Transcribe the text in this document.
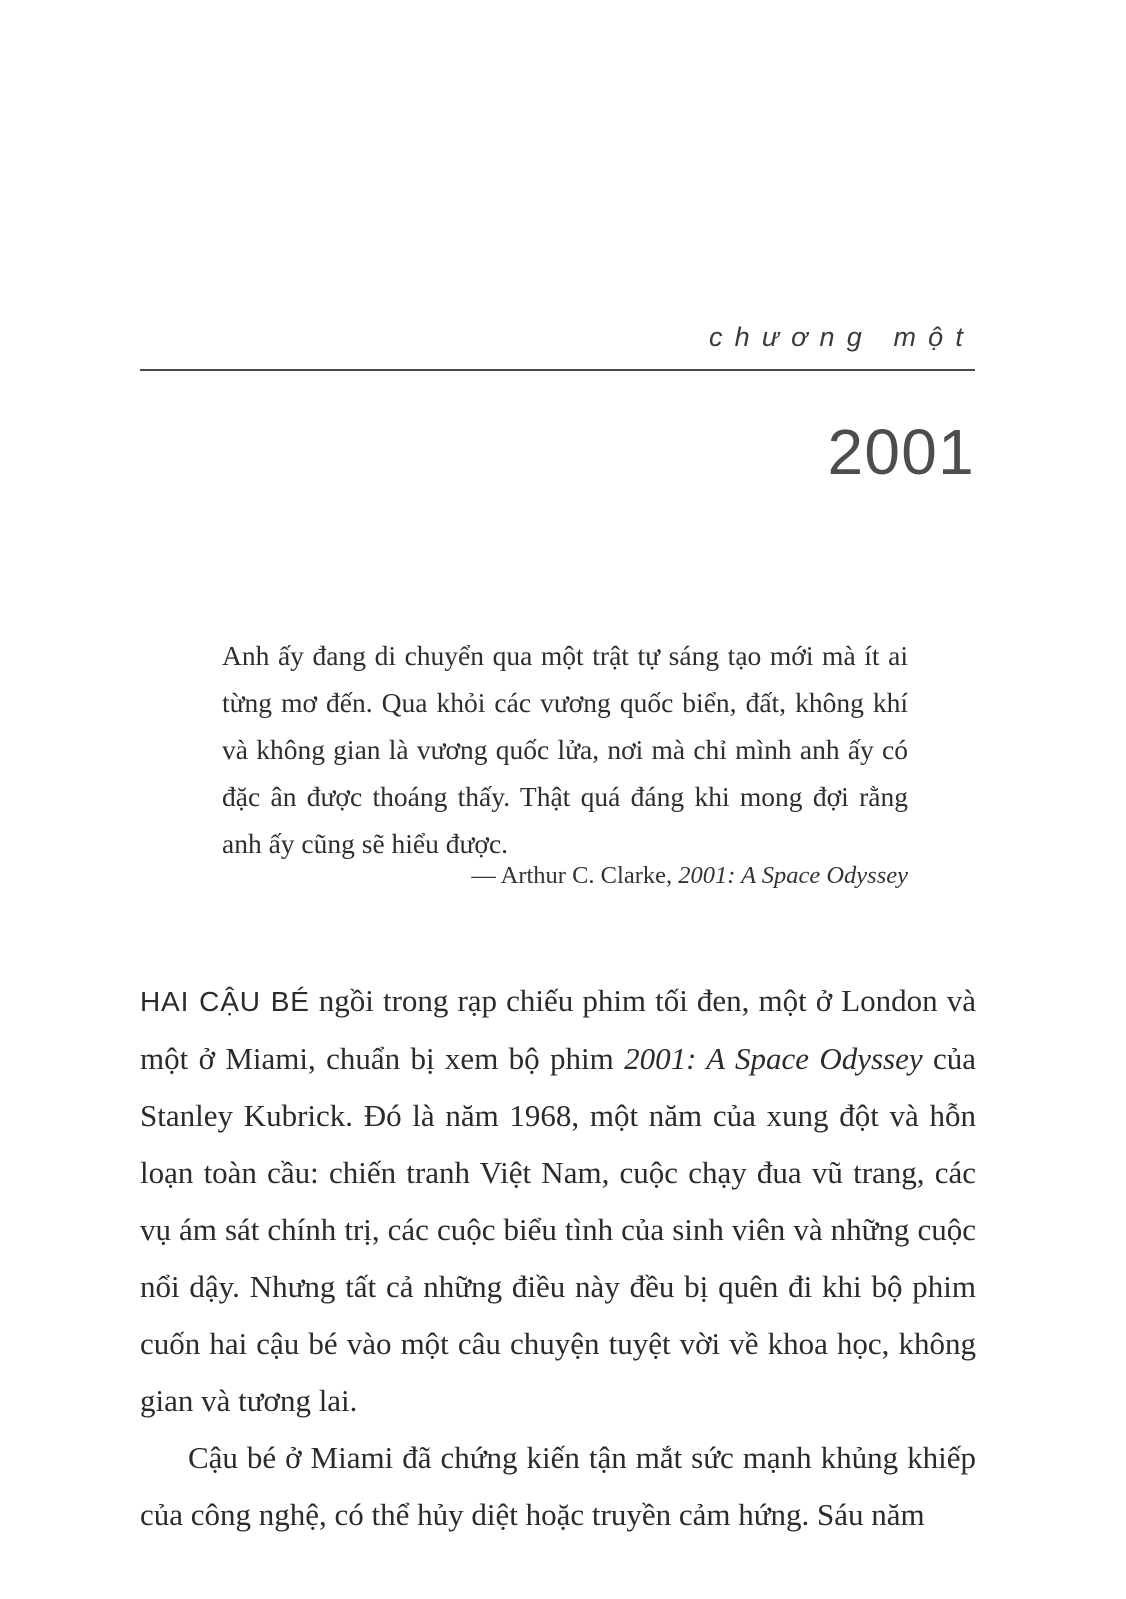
chương một
2001
Anh ấy đang di chuyển qua một trật tự sáng tạo mới mà ít ai từng mơ đến. Qua khỏi các vương quốc biển, đất, không khí và không gian là vương quốc lửa, nơi mà chỉ mình anh ấy có đặc ân được thoáng thấy. Thật quá đáng khi mong đợi rằng anh ấy cũng sẽ hiểu được.
— Arthur C. Clarke, 2001: A Space Odyssey

HAI CẬU BÉ ngồi trong rạp chiếu phim tối đen, một ở London và một ở Miami, chuẩn bị xem bộ phim 2001: A Space Odyssey của Stanley Kubrick. Đó là năm 1968, một năm của xung đột và hỗn loạn toàn cầu: chiến tranh Việt Nam, cuộc chạy đua vũ trang, các vụ ám sát chính trị, các cuộc biểu tình của sinh viên và những cuộc nổi dậy. Nhưng tất cả những điều này đều bị quên đi khi bộ phim cuốn hai cậu bé vào một câu chuyện tuyệt vời về khoa học, không gian và tương lai.

Cậu bé ở Miami đã chứng kiến tận mắt sức mạnh khủng khiếp của công nghệ, có thể hủy diệt hoặc truyền cảm hứng. Sáu năm
